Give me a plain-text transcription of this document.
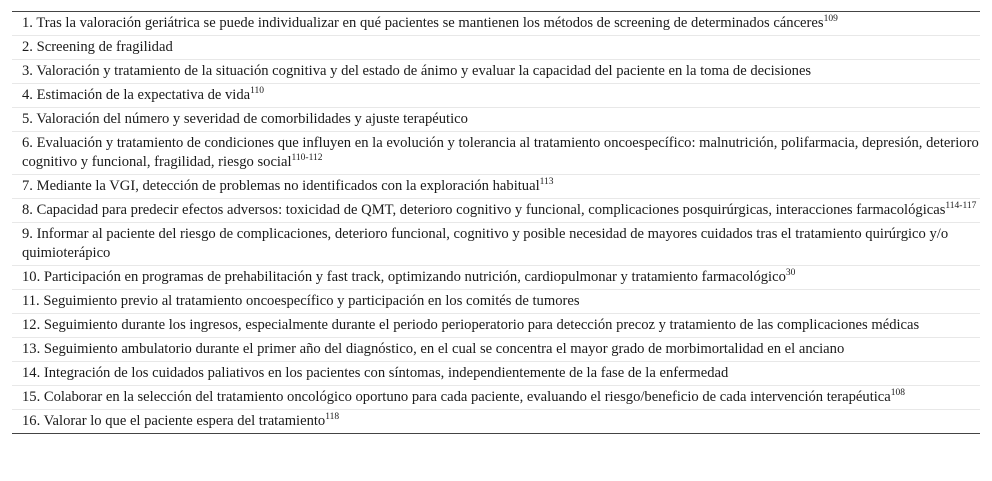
1. Tras la valoración geriátrica se puede individualizar en qué pacientes se mantienen los métodos de screening de determinados cánceres$^{109}$
2. Screening de fragilidad
3. Valoración y tratamiento de la situación cognitiva y del estado de ánimo y evaluar la capacidad del paciente en la toma de decisiones
4. Estimación de la expectativa de vida$^{110}$
5. Valoración del número y severidad de comorbilidades y ajuste terapéutico
6. Evaluación y tratamiento de condiciones que influyen en la evolución y tolerancia al tratamiento oncoespecífico: malnutrición, polifarmacia, depresión, deterioro cognitivo y funcional, fragilidad, riesgo social$^{110-112}$
7. Mediante la VGI, detección de problemas no identificados con la exploración habitual$^{113}$
8. Capacidad para predecir efectos adversos: toxicidad de QMT, deterioro cognitivo y funcional, complicaciones posquirúrgicas, interacciones farmacológicas$^{114-117}$
9. Informar al paciente del riesgo de complicaciones, deterioro funcional, cognitivo y posible necesidad de mayores cuidados tras el tratamiento quirúrgico y/o quimioterápico
10. Participación en programas de prehabilitación y fast track, optimizando nutrición, cardiopulmonar y tratamiento farmacológico$^{30}$
11. Seguimiento previo al tratamiento oncoespecífico y participación en los comités de tumores
12. Seguimiento durante los ingresos, especialmente durante el periodo perioperatorio para detección precoz y tratamiento de las complicaciones médicas
13. Seguimiento ambulatorio durante el primer año del diagnóstico, en el cual se concentra el mayor grado de morbimortalidad en el anciano
14. Integración de los cuidados paliativos en los pacientes con síntomas, independientemente de la fase de la enfermedad
15. Colaborar en la selección del tratamiento oncológico oportuno para cada paciente, evaluando el riesgo/beneficio de cada intervención terapéutica$^{108}$
16. Valorar lo que el paciente espera del tratamiento$^{118}$
